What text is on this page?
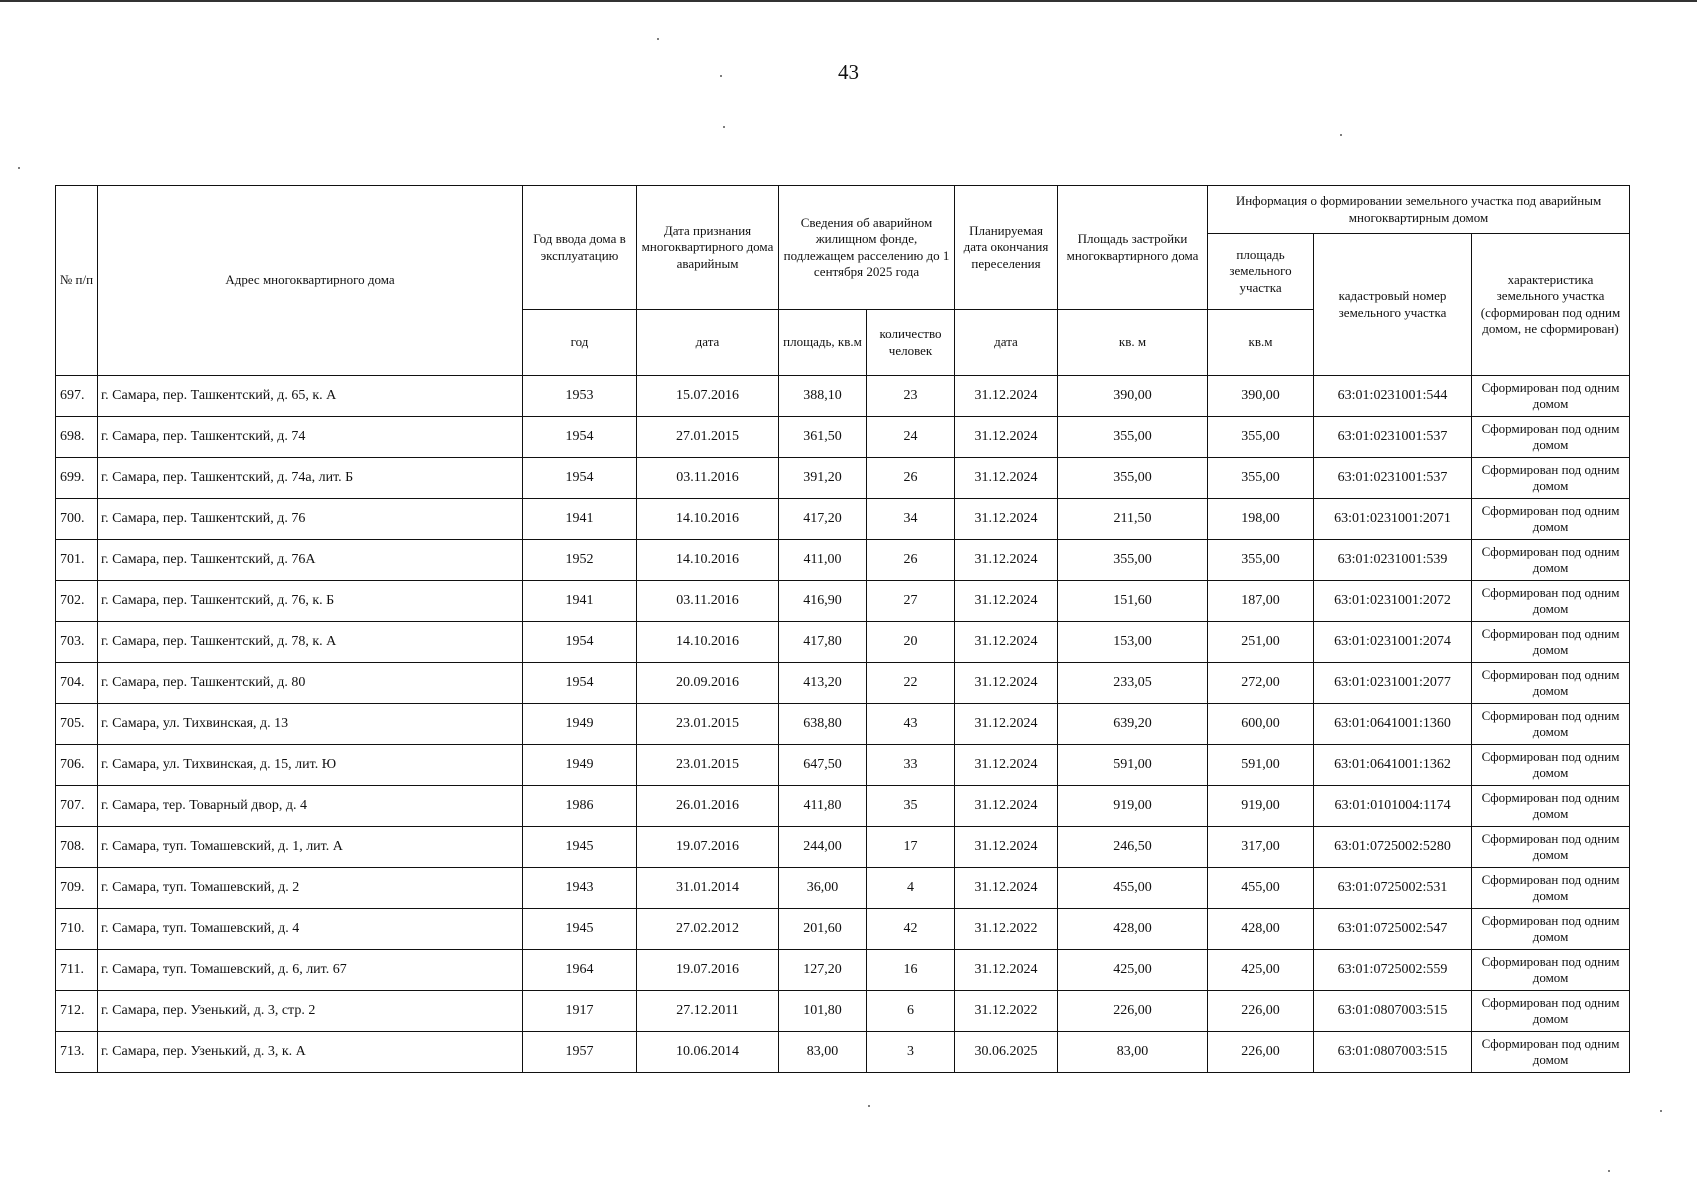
43
№ п/п	Адрес многоквартирного дома	Год ввода дома в эксплуатацию	Дата признания многоквартирного дома аварийным	Сведения об аварийном жилищном фонде, подлежащем расселению до 1 сентября 2025 года		Планируемая дата окончания переселения	Площадь застройки многоквартирного дома	Информация о формировании земельного участка под аварийным многоквартирным домом		
								площадь земельного участка	кадастровый номер земельного участка	характеристика земельного участка (сформирован под одним домом, не сформирован)
		год	дата	площадь, кв.м	количество человек	дата	кв. м	кв.м		
697.	г. Самара, пер. Ташкентский, д. 65, к. А	1953	15.07.2016	388,10	23	31.12.2024	390,00	390,00	63:01:0231001:544	Сформирован под одним домом
698.	г. Самара, пер. Ташкентский, д. 74	1954	27.01.2015	361,50	24	31.12.2024	355,00	355,00	63:01:0231001:537	Сформирован под одним домом
699.	г. Самара, пер. Ташкентский, д. 74а, лит. Б	1954	03.11.2016	391,20	26	31.12.2024	355,00	355,00	63:01:0231001:537	Сформирован под одним домом
700.	г. Самара, пер. Ташкентский, д. 76	1941	14.10.2016	417,20	34	31.12.2024	211,50	198,00	63:01:0231001:2071	Сформирован под одним домом
701.	г. Самара, пер. Ташкентский, д. 76А	1952	14.10.2016	411,00	26	31.12.2024	355,00	355,00	63:01:0231001:539	Сформирован под одним домом
702.	г. Самара, пер. Ташкентский, д. 76, к. Б	1941	03.11.2016	416,90	27	31.12.2024	151,60	187,00	63:01:0231001:2072	Сформирован под одним домом
703.	г. Самара, пер. Ташкентский, д. 78, к. А	1954	14.10.2016	417,80	20	31.12.2024	153,00	251,00	63:01:0231001:2074	Сформирован под одним домом
704.	г. Самара, пер. Ташкентский, д. 80	1954	20.09.2016	413,20	22	31.12.2024	233,05	272,00	63:01:0231001:2077	Сформирован под одним домом
705.	г. Самара, ул. Тихвинская, д. 13	1949	23.01.2015	638,80	43	31.12.2024	639,20	600,00	63:01:0641001:1360	Сформирован под одним домом
706.	г. Самара, ул. Тихвинская, д. 15, лит. Ю	1949	23.01.2015	647,50	33	31.12.2024	591,00	591,00	63:01:0641001:1362	Сформирован под одним домом
707.	г. Самара, тер. Товарный двор, д. 4	1986	26.01.2016	411,80	35	31.12.2024	919,00	919,00	63:01:0101004:1174	Сформирован под одним домом
708.	г. Самара, туп. Томашевский, д. 1, лит. А	1945	19.07.2016	244,00	17	31.12.2024	246,50	317,00	63:01:0725002:5280	Сформирован под одним домом
709.	г. Самара, туп. Томашевский, д. 2	1943	31.01.2014	36,00	4	31.12.2024	455,00	455,00	63:01:0725002:531	Сформирован под одним домом
710.	г. Самара, туп. Томашевский, д. 4	1945	27.02.2012	201,60	42	31.12.2022	428,00	428,00	63:01:0725002:547	Сформирован под одним домом
711.	г. Самара, туп. Томашевский, д. 6, лит. 67	1964	19.07.2016	127,20	16	31.12.2024	425,00	425,00	63:01:0725002:559	Сформирован под одним домом
712.	г. Самара, пер. Узенький, д. 3, стр. 2	1917	27.12.2011	101,80	6	31.12.2022	226,00	226,00	63:01:0807003:515	Сформирован под одним домом
713.	г. Самара, пер. Узенький, д. 3, к. А	1957	10.06.2014	83,00	3	30.06.2025	83,00	226,00	63:01:0807003:515	Сформирован под одним домом
